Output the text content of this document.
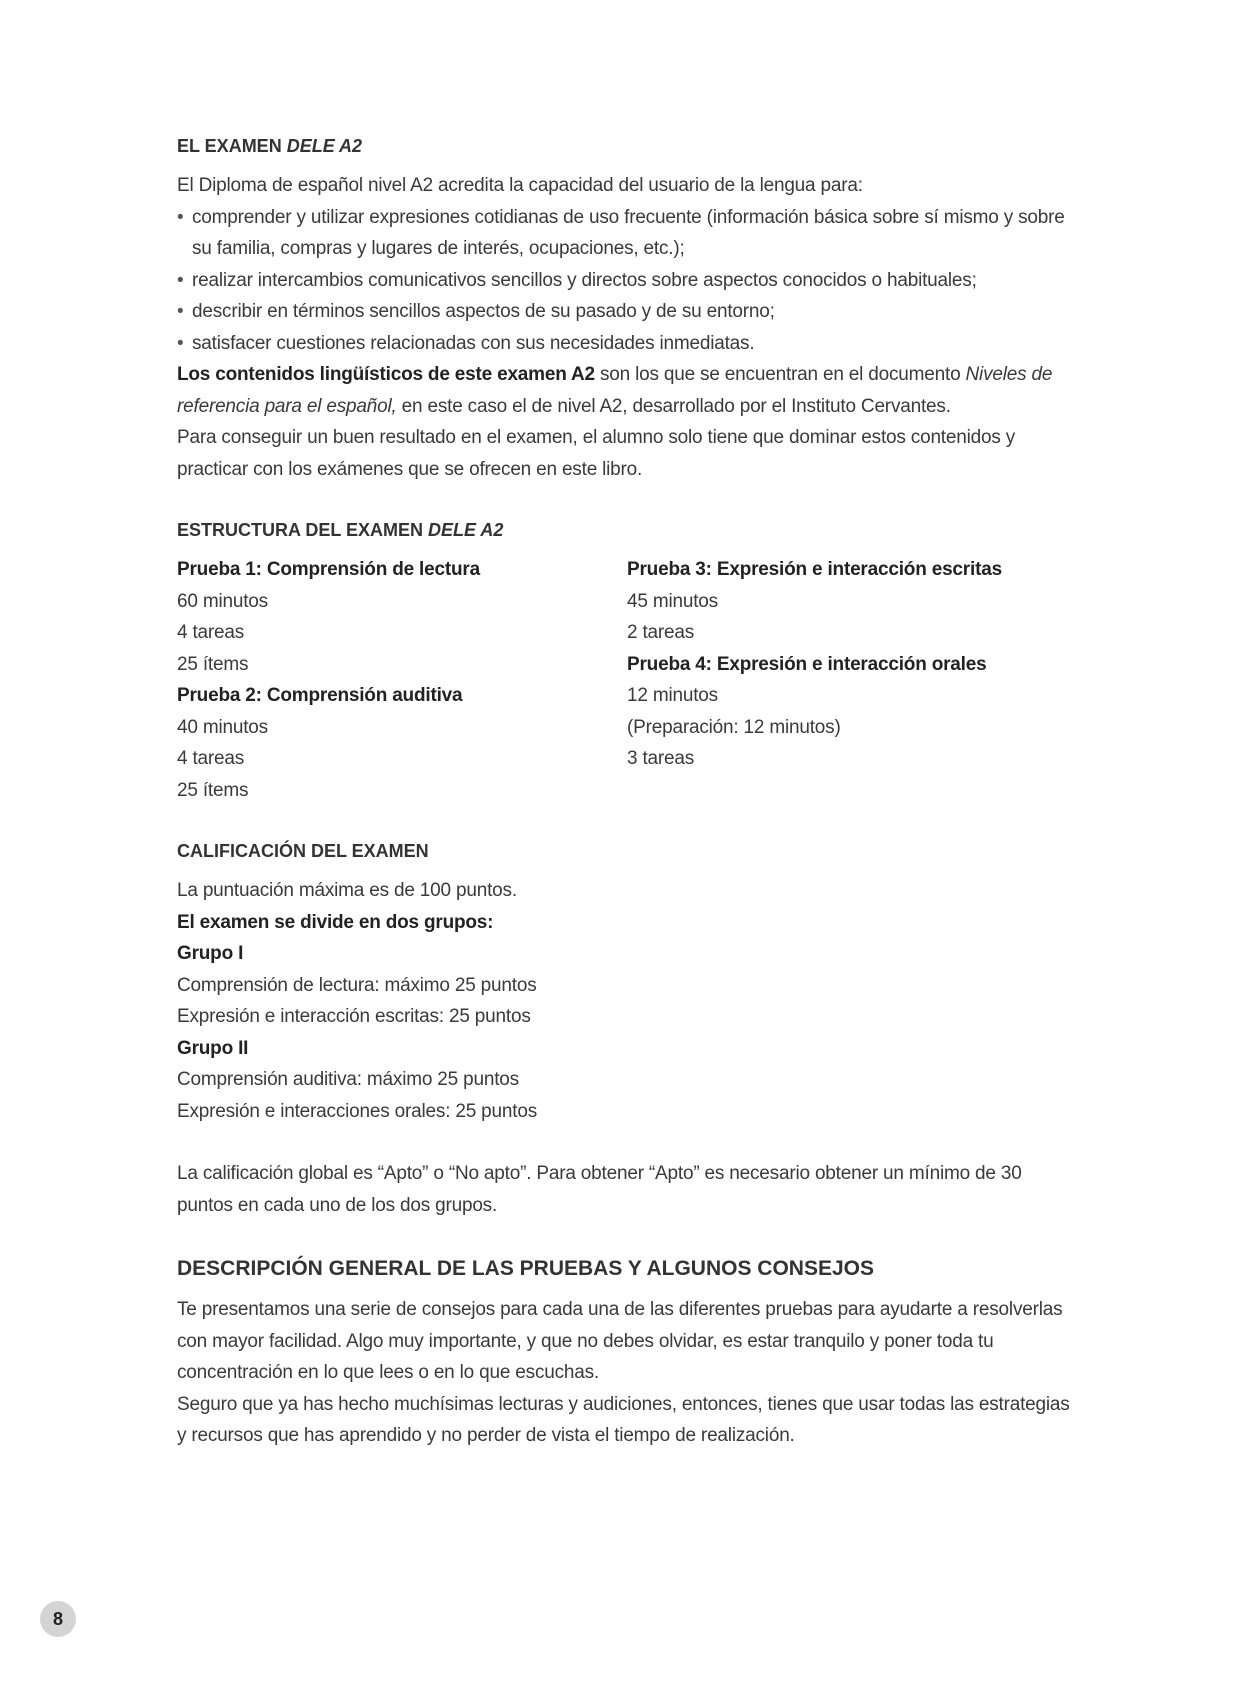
EL EXAMEN DELE A2

El Diploma de español nivel A2 acredita la capacidad del usuario de la lengua para:

• comprender y utilizar expresiones cotidianas de uso frecuente (información básica sobre sí mismo y sobre su familia, compras y lugares de interés, ocupaciones, etc.);
• realizar intercambios comunicativos sencillos y directos sobre aspectos conocidos o habituales;
• describir en términos sencillos aspectos de su pasado y de su entorno;
• satisfacer cuestiones relacionadas con sus necesidades inmediatas.

Los contenidos lingüísticos de este examen A2 son los que se encuentran en el documento Niveles de referencia para el español, en este caso el de nivel A2, desarrollado por el Instituto Cervantes.

Para conseguir un buen resultado en el examen, el alumno solo tiene que dominar estos contenidos y practicar con los exámenes que se ofrecen en este libro.

ESTRUCTURA DEL EXAMEN DELE A2
Prueba 1: Comprensión de lectura
60 minutos
4 tareas
25 ítems
Prueba 2: Comprensión auditiva
40 minutos
4 tareas
25 ítems
Prueba 3: Expresión e interacción escritas
45 minutos
2 tareas
Prueba 4: Expresión e interacción orales
12 minutos
(Preparación: 12 minutos)
3 tareas
CALIFICACIÓN DEL EXAMEN

La puntuación máxima es de 100 puntos.

El examen se divide en dos grupos:

Grupo I

Comprensión de lectura: máximo 25 puntos

Expresión e interacción escritas: 25 puntos

Grupo II

Comprensión auditiva: máximo 25 puntos

Expresión e interacciones orales: 25 puntos

La calificación global es “Apto” o “No apto”. Para obtener “Apto” es necesario obtener un mínimo de 30 puntos en cada uno de los dos grupos.

DESCRIPCIÓN GENERAL DE LAS PRUEBAS Y ALGUNOS CONSEJOS

Te presentamos una serie de consejos para cada una de las diferentes pruebas para ayudarte a resolverlas con mayor facilidad. Algo muy importante, y que no debes olvidar, es estar tranquilo y poner toda tu concentración en lo que lees o en lo que escuchas.

Seguro que ya has hecho muchísimas lecturas y audiciones, entonces, tienes que usar todas las estrategias y recursos que has aprendido y no perder de vista el tiempo de realización.

8
